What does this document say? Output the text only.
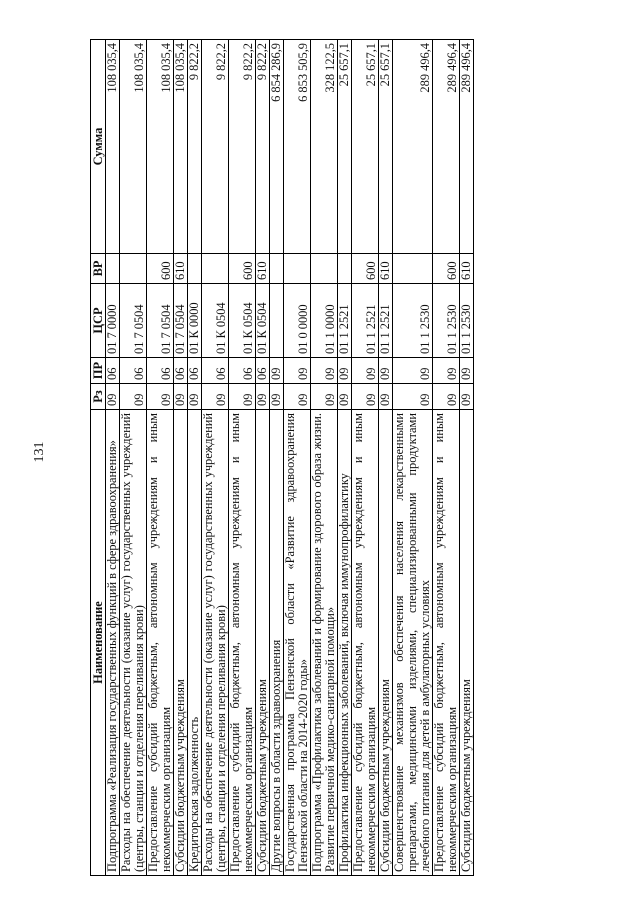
131
Наименование	Рз	ПР	ЦСР	ВР	Сумма
Подпрограмма «Реализация государственных функций в сфере здравоохранения»	09	06	01 7 0000		108 035,4
Расходы на обеспечение деятельности (оказание услуг) государственных учреждений (центры, станции и отделения переливания крови)	09	06	01 7 0504		108 035,4
Предоставление субсидий бюджетным, автономным учреждениям и иным некоммерческим организациям	09	06	01 7 0504	600	108 035,4
Субсидии бюджетным учреждениям	09	06	01 7 0504	610	108 035,4
Кредиторская задолженность	09	06	01 К 0000		9 822,2
Расходы на обеспечение деятельности (оказание услуг) государственных учреждений (центры, станции и отделения переливания крови)	09	06	01 К 0504		9 822,2
Предоставление субсидий бюджетным, автономным учреждениям и иным некоммерческим организациям	09	06	01 К 0504	600	9 822,2
Субсидии бюджетным учреждениям	09	06	01 К 0504	610	9 822,2
Другие вопросы в области здравоохранения	09	09			6 854 286,9
Государственная программа Пензенской области «Развитие здравоохранения Пензенской области на 2014-2020 годы»	09	09	01 0 0000		6 853 505,9
Подпрограмма «Профилактика заболеваний и формирование здорового образа жизни. Развитие первичной медико-санитарной помощи»	09	09	01 1 0000		328 122,5
Профилактика инфекционных заболеваний, включая иммунопрофилактику	09	09	01 1 2521		25 657,1
Предоставление субсидий бюджетным, автономным учреждениям и иным некоммерческим организациям	09	09	01 1 2521	600	25 657,1
Субсидии бюджетным учреждениям	09	09	01 1 2521	610	25 657,1
Совершенствование механизмов обеспечения населения лекарственными препаратами, медицинскими изделиями, специализированными продуктами лечебного питания для детей в амбулаторных условиях	09	09	01 1 2530		289 496,4
Предоставление субсидий бюджетным, автономным учреждениям и иным некоммерческим организациям	09	09	01 1 2530	600	289 496,4
Субсидии бюджетным учреждениям	09	09	01 1 2530	610	289 496,4
